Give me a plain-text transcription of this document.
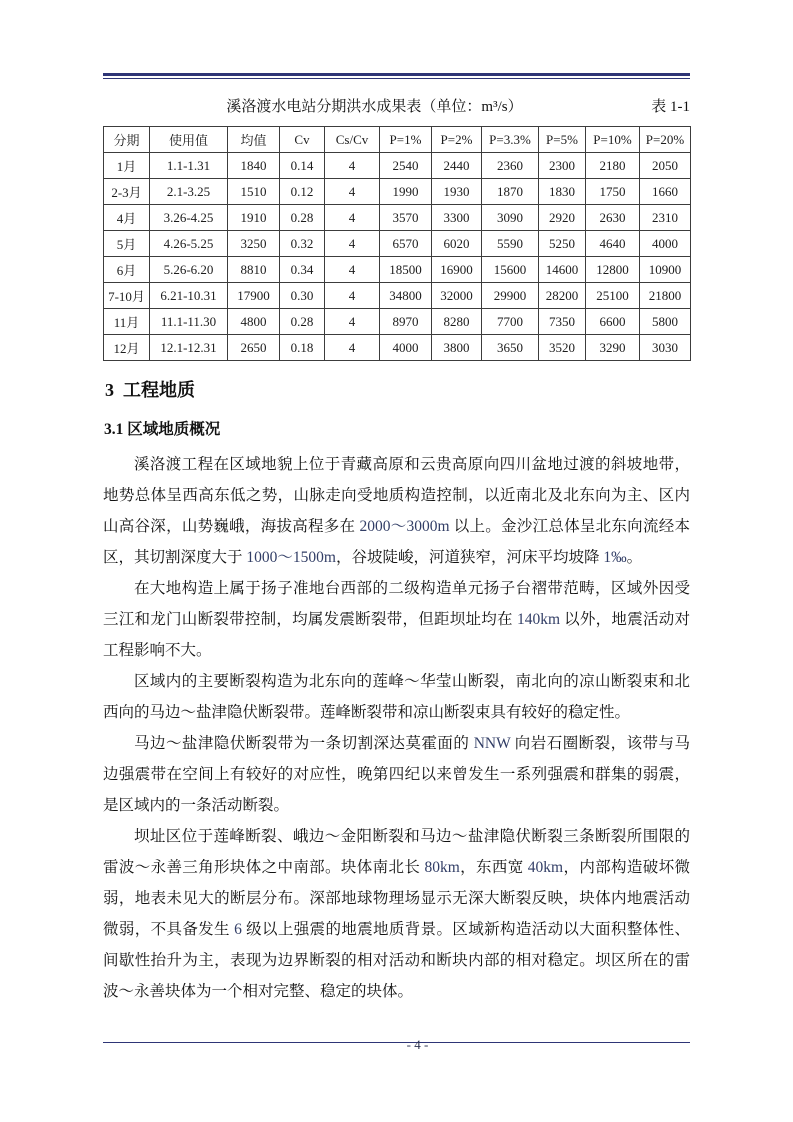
溪洛渡水电站分期洪水成果表（单位：m³/s）	表 1-1
分期	使用值	均值	Cv	Cs/Cv	P=1%	P=2%	P=3.3%	P=5%	P=10%	P=20%
1月	1.1-1.31	1840	0.14	4	2540	2440	2360	2300	2180	2050
2-3月	2.1-3.25	1510	0.12	4	1990	1930	1870	1830	1750	1660
4月	3.26-4.25	1910	0.28	4	3570	3300	3090	2920	2630	2310
5月	4.26-5.25	3250	0.32	4	6570	6020	5590	5250	4640	4000
6月	5.26-6.20	8810	0.34	4	18500	16900	15600	14600	12800	10900
7-10月	6.21-10.31	17900	0.30	4	34800	32000	29900	28200	25100	21800
11月	11.1-11.30	4800	0.28	4	8970	8280	7700	7350	6600	5800
12月	12.1-12.31	2650	0.18	4	4000	3800	3650	3520	3290	3030
3  工程地质
3.1 区域地质概况

溪洛渡工程在区域地貌上位于青藏高原和云贵高原向四川盆地过渡的斜坡地带，地势总体呈西高东低之势，山脉走向受地质构造控制，以近南北及北东向为主、区内山高谷深，山势巍峨，海拔高程多在 2000～3000m 以上。金沙江总体呈北东向流经本区，其切割深度大于 1000～1500m，谷坡陡峻，河道狭窄，河床平均坡降 1‰。

在大地构造上属于扬子准地台西部的二级构造单元扬子台褶带范畴，区域外因受三江和龙门山断裂带控制，均属发震断裂带，但距坝址均在 140km 以外，地震活动对工程影响不大。

区域内的主要断裂构造为北东向的莲峰～华莹山断裂，南北向的凉山断裂束和北西向的马边～盐津隐伏断裂带。莲峰断裂带和凉山断裂束具有较好的稳定性。

马边～盐津隐伏断裂带为一条切割深达莫霍面的 NNW 向岩石圈断裂，该带与马边强震带在空间上有较好的对应性，晚第四纪以来曾发生一系列强震和群集的弱震，是区域内的一条活动断裂。

坝址区位于莲峰断裂、峨边～金阳断裂和马边～盐津隐伏断裂三条断裂所围限的雷波～永善三角形块体之中南部。块体南北长 80km，东西宽 40km，内部构造破坏微弱，地表未见大的断层分布。深部地球物理场显示无深大断裂反映，块体内地震活动微弱，不具备发生 6 级以上强震的地震地质背景。区域新构造活动以大面积整体性、间歇性抬升为主，表现为边界断裂的相对活动和断块内部的相对稳定。坝区所在的雷波～永善块体为一个相对完整、稳定的块体。

- 4 -
